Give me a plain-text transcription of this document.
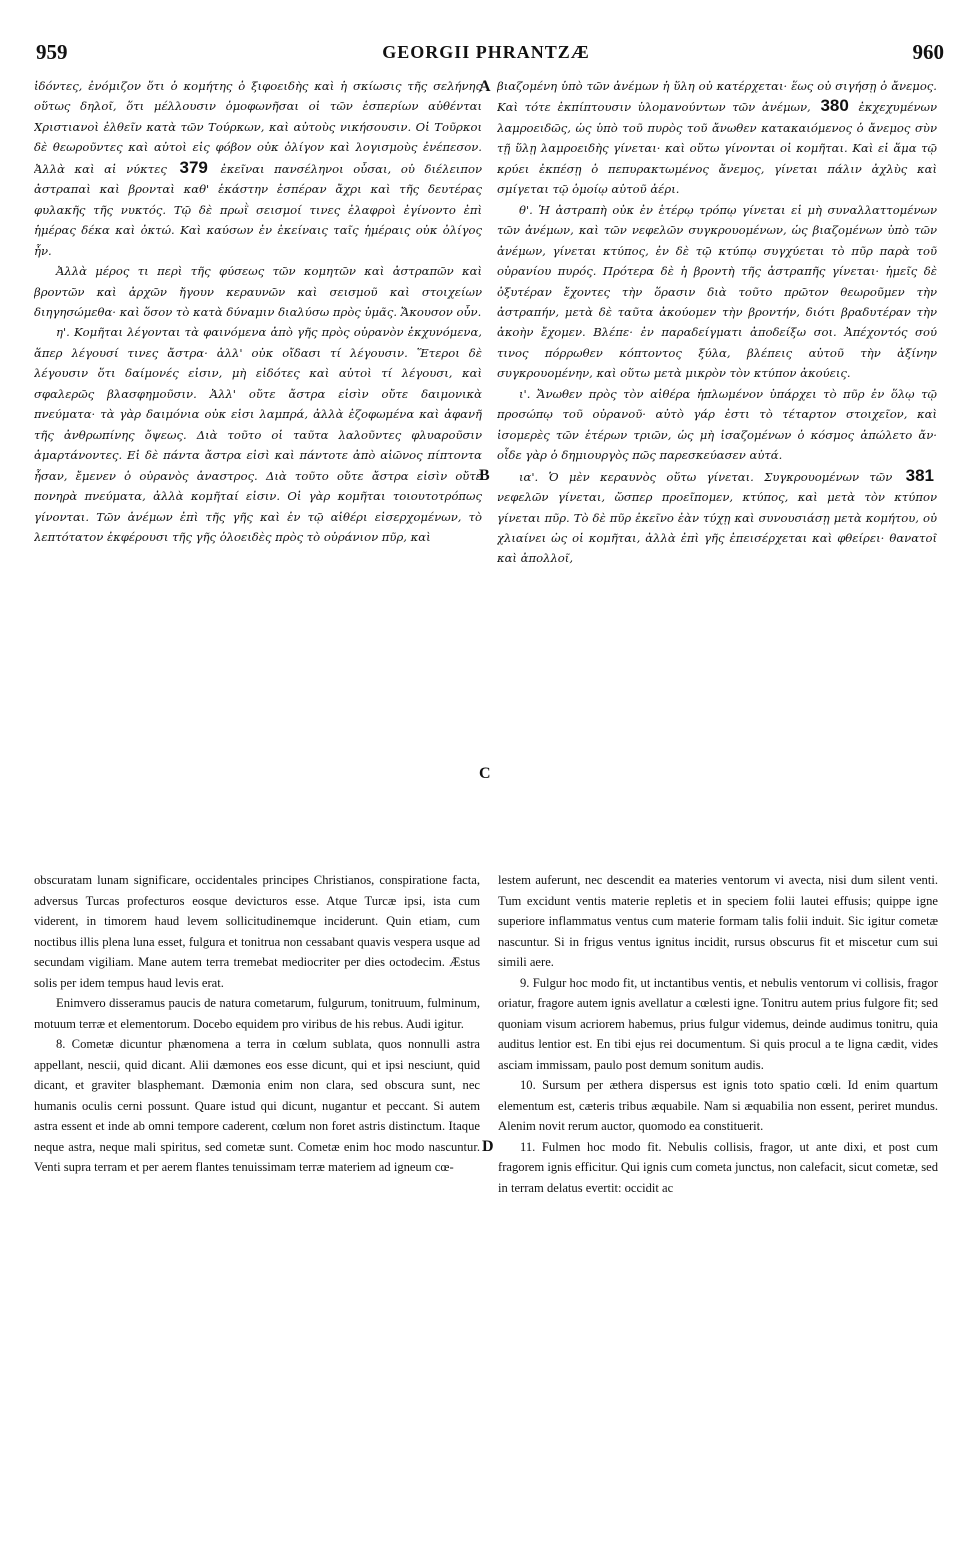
959	GEORGII PHRANTZÆ	960

ἰδόντες, ἐνόμιζον ὅτι ὁ κομήτης ὁ ξιφοειδὴς καὶ ἡ σκίωσις τῆς σελήνης οὕτως δηλοῖ, ὅτι μέλλουσιν ὁμοφωνῆσαι οἱ τῶν ἑσπερίων αὐθένται Χριστιανοὶ ἐλθεῖν κατὰ τῶν Τούρκων, καὶ αὐτοὺς νικήσουσιν. Οἱ Τοῦρκοι δὲ θεωροῦντες καὶ αὐτοὶ εἰς φόβον οὐκ ὀλίγον καὶ λογισμοὺς ἐνέπεσον. Ἀλλὰ καὶ αἱ νύκτες 379 ἐκεῖναι πανσέληνοι οὖσαι, οὐ διέλειπον ἀστραπαὶ καὶ βρονταὶ καθ' ἑκάστην ἑσπέραν ἄχρι καὶ τῆς δευτέρας φυλακῆς τῆς νυκτός. Τῷ δὲ πρωῒ σεισμοί τινες ἐλαφροὶ ἐγίνοντο ἐπὶ ἡμέρας δέκα καὶ ὀκτώ. Καὶ καύσων ἐν ἐκείναις ταῖς ἡμέραις οὐκ ὀλίγος ἦν.

Ἀλλὰ μέρος τι περὶ τῆς φύσεως τῶν κομητῶν καὶ ἀστραπῶν καὶ βροντῶν καὶ ἀρχῶν ἤγουν κεραυνῶν καὶ σεισμοῦ καὶ στοιχείων διηγησώμεθα· καὶ ὅσον τὸ κατὰ δύναμιν διαλύσω πρὸς ὑμᾶς. Ἄκουσον οὖν.

η'. Κομῆται λέγονται τὰ φαινόμενα ἀπὸ γῆς πρὸς οὐρανὸν ἐκχυνόμενα, ἅπερ λέγουσί τινες ἄστρα· ἀλλ' οὐκ οἴδασι τί λέγουσιν. Ἕτεροι δὲ λέγουσιν ὅτι δαίμονές εἰσιν, μὴ εἰδότες καὶ αὐτοὶ τί λέγουσι, καὶ σφαλερῶς βλασφημοῦσιν. Ἀλλ' οὔτε ἄστρα εἰσὶν οὔτε δαιμονικὰ πνεύματα· τὰ γὰρ δαιμόνια οὐκ εἰσι λαμπρά, ἀλλὰ ἐζοφωμένα καὶ ἀφανῆ τῆς ἀνθρωπίνης ὄψεως. Διὰ τοῦτο οἱ ταῦτα λαλοῦντες φλυαροῦσιν ἁμαρτάνοντες. Εἰ δὲ πάντα ἄστρα εἰσὶ καὶ πάντοτε ἀπὸ αἰῶνος πίπτοντα ἦσαν, ἔμενεν ὁ οὐρανὸς ἀναστρος. Διὰ τοῦτο οὔτε ἄστρα εἰσὶν οὔτε πονηρὰ πνεύματα, ἀλλὰ κομῆταί εἰσιν. Οἱ γὰρ κομῆται τοιουτοτρόπως γίνονται. Τῶν ἀνέμων ἐπὶ τῆς γῆς καὶ ἐν τῷ αἰθέρι εἰσερχομένων, τὸ λεπτότατον ἐκφέρουσι τῆς γῆς ὁλοειδὲς πρὸς τὸ οὐράνιον πῦρ, καὶ

βιαζομένη ὑπὸ τῶν ἀνέμων ἡ ὕλη οὐ κατέρχεται· ἕως οὐ σιγήσῃ ὁ ἄνεμος. Καὶ τότε ἐκπίπτουσιν ὑλομανούντων τῶν ἀνέμων, 380 ἐκχεχυμένων λαμροειδῶς, ὡς ὑπὸ τοῦ πυρὸς τοῦ ἄνωθεν κατακαιόμενος ὁ ἄνεμος σὺν τῇ ὕλῃ λαμροειδὴς γίνεται· καὶ οὕτω γίνονται οἱ κομῆται. Καὶ εἰ ἅμα τῷ κρύει ἐκπέσῃ ὁ πεπυρακτωμένος ἄνεμος, γίνεται πάλιν ἀχλὺς καὶ σμίγεται τῷ ὁμοίῳ αὐτοῦ ἀέρι.

θ'. Ἡ ἀστραπὴ οὐκ ἐν ἑτέρῳ τρόπῳ γίνεται εἰ μὴ συναλλαττομένων τῶν ἀνέμων, καὶ τῶν νεφελῶν συγκρουομένων, ὡς βιαζομένων ὑπὸ τῶν ἀνέμων, γίνεται κτύπος, ἐν δὲ τῷ κτύπῳ συγχύεται τὸ πῦρ παρὰ τοῦ οὐρανίου πυρός. Πρότερα δὲ ἡ βροντὴ τῆς ἀστραπῆς γίνεται· ἡμεῖς δὲ ὀξυτέραν ἔχοντες τὴν ὅρασιν διὰ τοῦτο πρῶτον θεωροῦμεν τὴν ἀστραπήν, μετὰ δὲ ταῦτα ἀκούομεν τὴν βροντήν, διότι βραδυτέραν τὴν ἀκοὴν ἔχομεν. Βλέπε· ἐν παραδείγματι ἀποδείξω σοι. Ἀπέχοντός σού τινος πόρρωθεν κόπτοντος ξύλα, βλέπεις αὐτοῦ τὴν ἀξίνην συγκρουομένην, καὶ οὕτω μετὰ μικρὸν τὸν κτύπον ἀκούεις.

ι'. Ἄνωθεν πρὸς τὸν αἰθέρα ἡπλωμένον ὑπάρχει τὸ πῦρ ἐν ὅλῳ τῷ προσώπῳ τοῦ οὐρανοῦ· αὐτὸ γάρ ἐστι τὸ τέταρτον στοιχεῖον, καὶ ἰσομερὲς τῶν ἑτέρων τριῶν, ὡς μὴ ἰσαζομένων ὁ κόσμος ἀπώλετο ἄν· οἶδε γὰρ ὁ δημιουργὸς πῶς παρεσκεύασεν αὐτά.

ια'. Ὁ μὲν κεραυνὸς οὕτω γίνεται. Συγκρουομένων τῶν 381 νεφελῶν γίνεται, ὥσπερ προεῖπομεν, κτύπος, καὶ μετὰ τὸν κτύπον γίνεται πῦρ. Τὸ δὲ πῦρ ἐκεῖνο ἐὰν τύχῃ καὶ συνουσιάσῃ μετὰ κομήτου, οὐ χλιαίνει ὡς οἱ κομῆται, ἀλλὰ ἐπὶ γῆς ἐπεισέρχεται καὶ φθείρει· θανατοῖ καὶ ἀπολλοῖ,

A
B
C
D

obscuratam lunam significare, occidentales principes Christianos, conspiratione facta, adversus Turcas profecturos eosque devicturos esse. Atque Turcæ ipsi, ista cum viderent, in timorem haud levem sollicitudinemque inciderunt. Quin etiam, cum noctibus illis plena luna esset, fulgura et tonitrua non cessabant quavis vespera usque ad secundam vigiliam. Mane autem terra tremebat mediocriter per dies octodecim. Æstus solis per idem tempus haud levis erat.

Enimvero disseramus paucis de natura cometarum, fulgurum, tonitruum, fulminum, motuum terræ et elementorum. Docebo equidem pro viribus de his rebus. Audi igitur.

8. Cometæ dicuntur phænomena a terra in cœlum sublata, quos nonnulli astra appellant, nescii, quid dicant. Alii dæmones eos esse dicunt, qui et ipsi nesciunt, quid dicant, et graviter blasphemant. Dæmonia enim non clara, sed obscura sunt, nec humanis oculis cerni possunt. Quare istud qui dicunt, nugantur et peccant. Si autem astra essent et inde ab omni tempore caderent, cœlum non foret astris distinctum. Itaque neque astra, neque mali spiritus, sed cometæ sunt. Cometæ enim hoc modo nascuntur. Venti supra terram et per aerem flantes tenuissimam terræ materiem ad igneum cœ-

lestem auferunt, nec descendit ea materies ventorum vi avecta, nisi dum silent venti. Tum excidunt ventis materie repletis et in speciem folii lautei effusis; quippe igne superiore inflammatus ventus cum materie formam talis folii induit. Sic igitur cometæ nascuntur. Si in frigus ventus ignitus incidit, rursus obscurus fit et miscetur cum sui simili aere.

9. Fulgur hoc modo fit, ut inctantibus ventis, et nebulis ventorum vi collisis, fragor oriatur, fragore autem ignis avellatur a cœlesti igne. Tonitru autem prius fulgore fit; sed quoniam visum acriorem habemus, prius fulgur videmus, deinde audimus tonitru, quia auditus lentior est. En tibi ejus rei documentum. Si quis procul a te ligna cædit, vides asciam immissam, paulo post demum sonitum audis.

10. Sursum per æthera dispersus est ignis toto spatio cœli. Id enim quartum elementum est, cæteris tribus æquabile. Nam si æquabilia non essent, periret mundus. Alenim novit rerum auctor, quomodo ea constituerit.

11. Fulmen hoc modo fit. Nebulis collisis, fragor, ut ante dixi, et post cum fragorem ignis efficitur. Qui ignis cum cometa junctus, non calefacit, sicut cometæ, sed in terram delatus evertit: occidit ac
